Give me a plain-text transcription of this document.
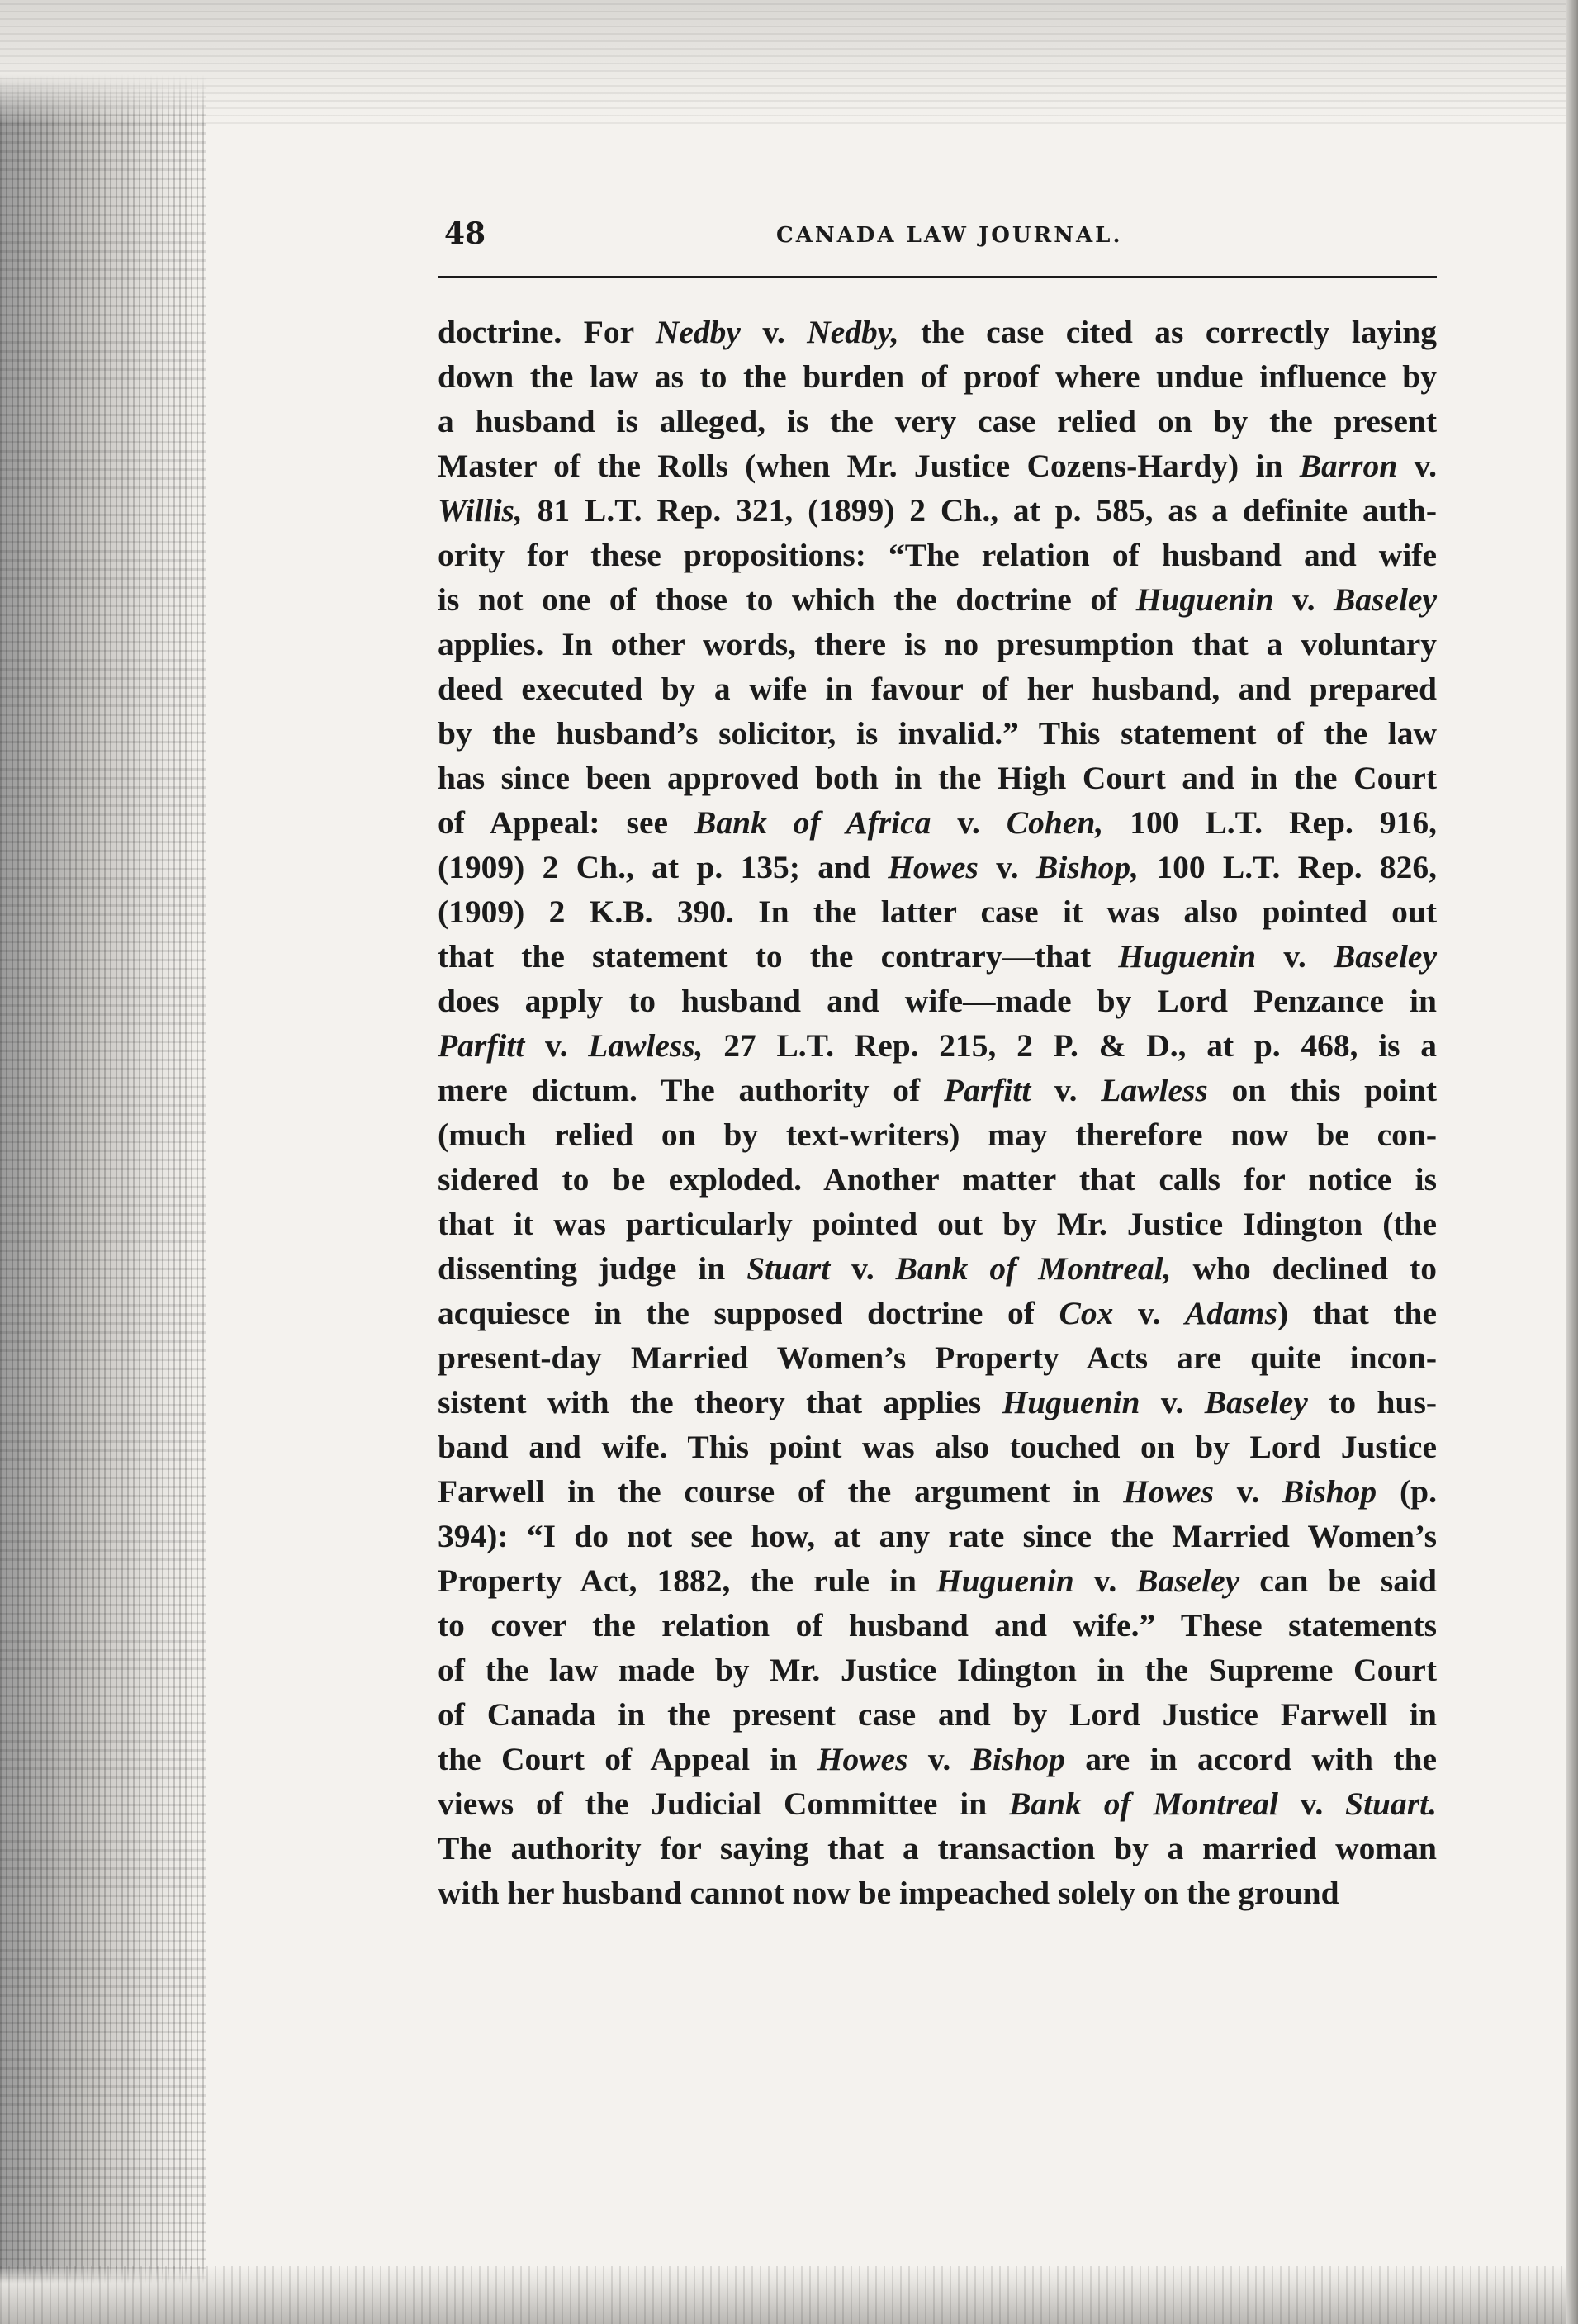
48	CANADA LAW JOURNAL.

doctrine. For Nedby v. Nedby, the case cited as correctly laying
down the law as to the burden of proof where undue influence by
a husband is alleged, is the very case relied on by the present
Master of the Rolls (when Mr. Justice Cozens-Hardy) in Barron v.
Willis, 81 L.T. Rep. 321, (1899) 2 Ch., at p. 585, as a definite auth-
ority for these propositions: “The relation of husband and wife
is not one of those to which the doctrine of Huguenin v. Baseley
applies. In other words, there is no presumption that a voluntary
deed executed by a wife in favour of her husband, and prepared
by the husband’s solicitor, is invalid.” This statement of the law
has since been approved both in the High Court and in the Court
of Appeal: see Bank of Africa v. Cohen, 100 L.T. Rep. 916,
(1909) 2 Ch., at p. 135; and Howes v. Bishop, 100 L.T. Rep. 826,
(1909) 2 K.B. 390. In the latter case it was also pointed out
that the statement to the contrary—that Huguenin v. Baseley
does apply to husband and wife—made by Lord Penzance in
Parfitt v. Lawless, 27 L.T. Rep. 215, 2 P. & D., at p. 468, is a
mere dictum. The authority of Parfitt v. Lawless on this point
(much relied on by text-writers) may therefore now be con-
sidered to be exploded. Another matter that calls for notice is
that it was particularly pointed out by Mr. Justice Idington (the
dissenting judge in Stuart v. Bank of Montreal, who declined to
acquiesce in the supposed doctrine of Cox v. Adams) that the
present-day Married Women’s Property Acts are quite incon-
sistent with the theory that applies Huguenin v. Baseley to hus-
band and wife. This point was also touched on by Lord Justice
Farwell in the course of the argument in Howes v. Bishop (p.
394): “I do not see how, at any rate since the Married Women’s
Property Act, 1882, the rule in Huguenin v. Baseley can be said
to cover the relation of husband and wife.” These statements
of the law made by Mr. Justice Idington in the Supreme Court
of Canada in the present case and by Lord Justice Farwell in
the Court of Appeal in Howes v. Bishop are in accord with the
views of the Judicial Committee in Bank of Montreal v. Stuart.
The authority for saying that a transaction by a married woman
with her husband cannot now be impeached solely on the ground
